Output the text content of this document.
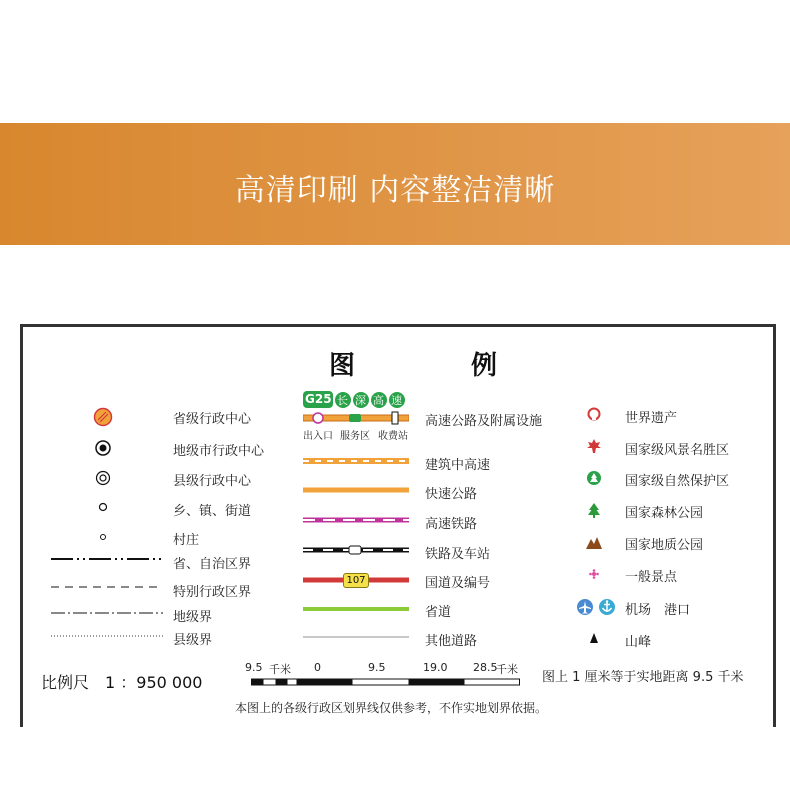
高清印刷 内容整洁清晰
图	例
省级行政中心
地级市行政中心
县级行政中心
乡、镇、街道
村庄
省、自治区界
特别行政区界
地级界
县级界
G25 长 深 高 速
出入口 服务区 收费站
高速公路及附属设施
建筑中高速
快速公路
高速铁路
铁路及车站
107	国道及编号
省道
其他道路
世界遗产
国家级风景名胜区
国家级自然保护区
国家森林公园
国家地质公园
一般景点
机场　港口
山峰
比例尺　1 ：950 000
9.5 千米 0	9.5	19.0 28.5
千米
图上 1 厘米等于实地距离 9.5 千米
本图上的各级行政区划界线仅供参考，不作实地划界依据。
